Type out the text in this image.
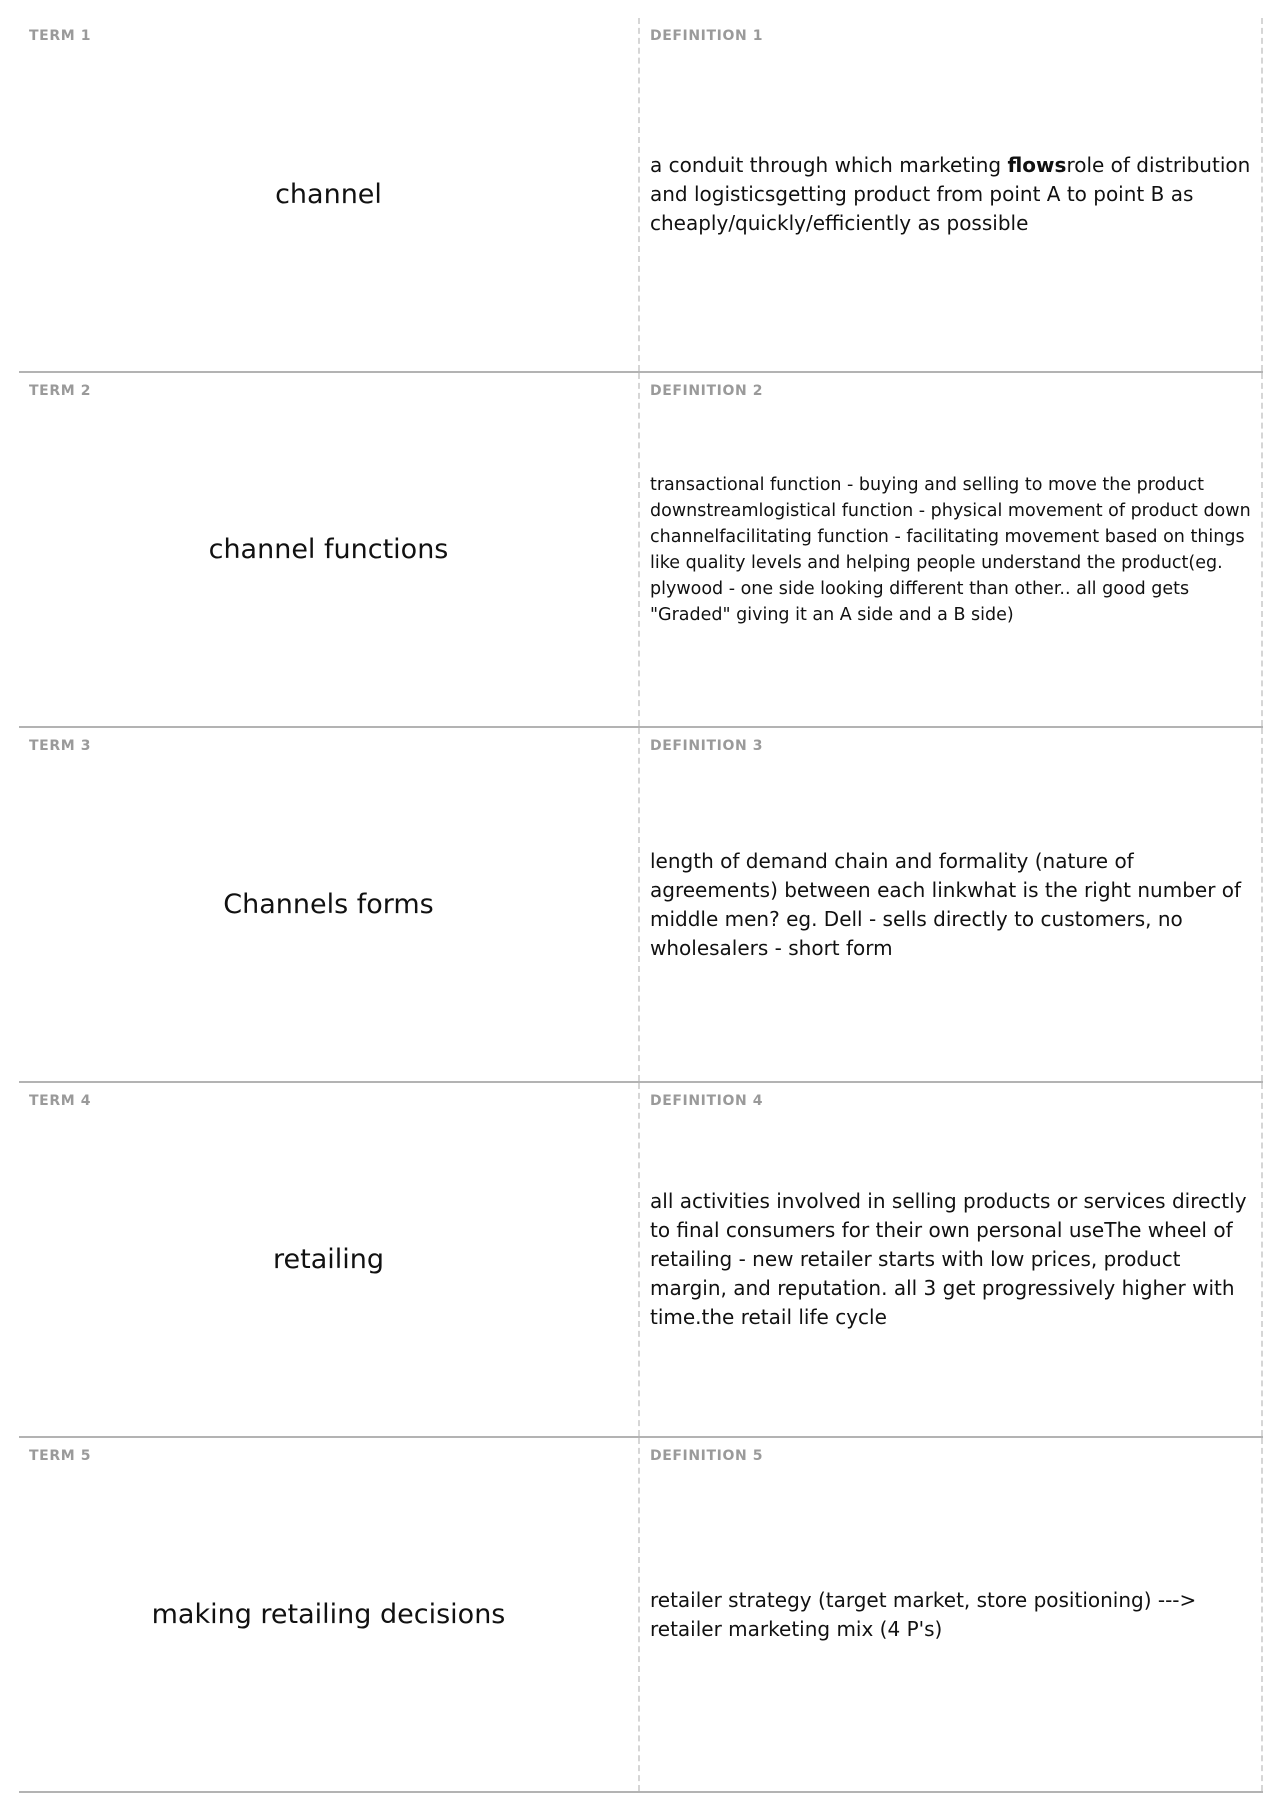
TERM 1
channel
DEFINITION 1
a conduit through which marketing flowsrole of distribution and logisticsgetting product from point A to point B as cheaply/quickly/efficiently as possible
TERM 2
channel functions
DEFINITION 2
transactional function - buying and selling to move the product downstreamlogistical function - physical movement of product down channelfacilitating function - facilitating movement based on things like quality levels and helping people understand the product(eg. plywood - one side looking different than other.. all good gets "Graded" giving it an A side and a B side)
TERM 3
Channels forms
DEFINITION 3
length of demand chain and formality (nature of agreements) between each linkwhat is the right number of middle men? eg. Dell - sells directly to customers, no wholesalers - short form
TERM 4
retailing
DEFINITION 4
all activities involved in selling products or services directly to final consumers for their own personal useThe wheel of retailing - new retailer starts with low prices, product margin, and reputation. all 3 get progressively higher with time.the retail life cycle
TERM 5
making retailing decisions
DEFINITION 5
retailer strategy (target market, store positioning) ---> retailer marketing mix (4 P's)
